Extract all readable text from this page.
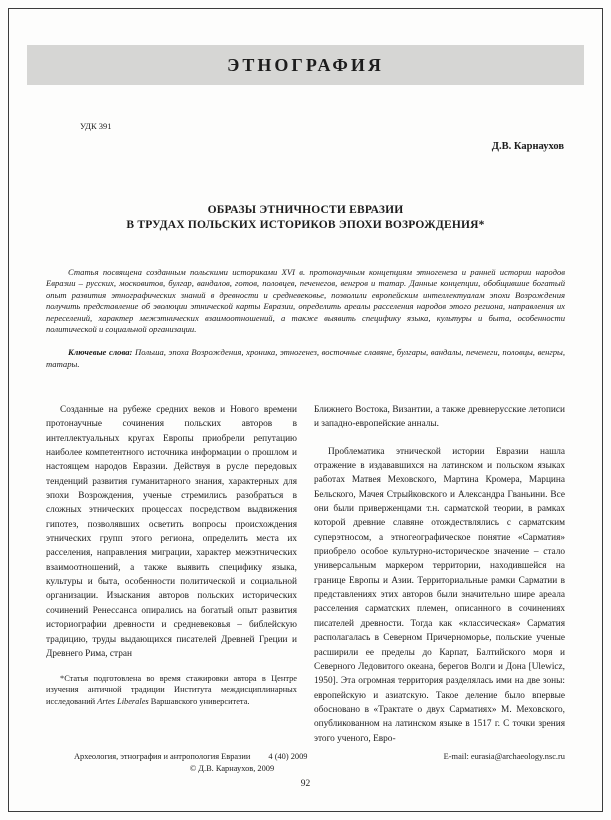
ЭТНОГРАФИЯ
УДК 391
Д.В. Карнаухов
ОБРАЗЫ ЭТНИЧНОСТИ ЕВРАЗИИ
В ТРУДАХ ПОЛЬСКИХ ИСТОРИКОВ ЭПОХИ ВОЗРОЖДЕНИЯ*

Статья посвящена созданным польскими историками XVI в. протонаучным концепциям этногенеза и ранней истории народов Евразии – русских, московитов, булгар, вандалов, готов, половцев, печенегов, венгров и татар. Данные концепции, обобщившие богатый опыт развития этнографических знаний в древности и средневековье, позволили европейским интеллектуалам эпохи Возрождения получить представление об эволюции этнической карты Евразии, определить ареалы расселения народов этого региона, направления их переселений, характер межэтнических взаимоотношений, а также выявить специфику языка, культуры и быта, особенности политической и социальной организации.

Ключевые слова: Польша, эпоха Возрождения, хроника, этногенез, восточные славяне, булгары, вандалы, печенеги, половцы, венгры, татары.

Созданные на рубеже средних веков и Нового времени протонаучные сочинения польских авторов в интеллектуальных кругах Европы приобрели репутацию наиболее компетентного источника информации о прошлом и настоящем народов Евразии. Действуя в русле передовых тенденций развития гуманитарного знания, характерных для эпохи Возрождения, ученые стремились разобраться в сложных этнических процессах посредством выдвижения гипотез, позволявших осветить вопросы происхождения этнических групп этого региона, определить места их расселения, направления миграции, характер межэтнических взаимоотношений, а также выявить специфику языка, культуры и быта, особенности политической и социальной организации. Изыскания авторов польских исторических сочинений Ренессанса опирались на богатый опыт развития историографии древности и средневековья – библейскую традицию, труды выдающихся писателей Древней Греции и Древнего Рима, стран

*Статья подготовлена во время стажировки автора в Центре изучения античной традиции Института междисциплинарных исследований Artes Liberales Варшавского университета.

Ближнего Востока, Византии, а также древнерусские летописи и западно-европейские анналы.

Проблематика этнической истории Евразии нашла отражение в издававшихся на латинском и польском языках работах Матвея Меховского, Мартина Кромера, Марцина Бельского, Мачея Стрыйковского и Александра Гваньини. Все они были приверженцами т.н. сарматской теории, в рамках которой древние славяне отождествлялись с сарматским суперэтносом, а этногеографическое понятие «Сарматия» приобрело особое культурно-историческое значение – стало универсальным маркером территории, находившейся на границе Европы и Азии. Территориальные рамки Сарматии в представлениях этих авторов были значительно шире ареала расселения сарматских племен, описанного в сочинениях писателей древности. Тогда как «классическая» Сарматия располагалась в Северном Причерноморье, польские ученые расширили ее пределы до Карпат, Балтийского моря и Северного Ледовитого океана, берегов Волги и Дона [Ulewicz, 1950]. Эта огромная территория разделялась ими на две зоны: европейскую и азиатскую. Такое деление было впервые обосновано в «Трактате о двух Сарматиях» М. Меховского, опубликованном на латинском языке в 1517 г. С точки зрения этого ученого, Евро-

Археология, этнография и антропология Евразии 4 (40) 2009	E-mail: eurasia@archaeology.nsc.ru
© Д.В. Карнаухов, 2009
92
